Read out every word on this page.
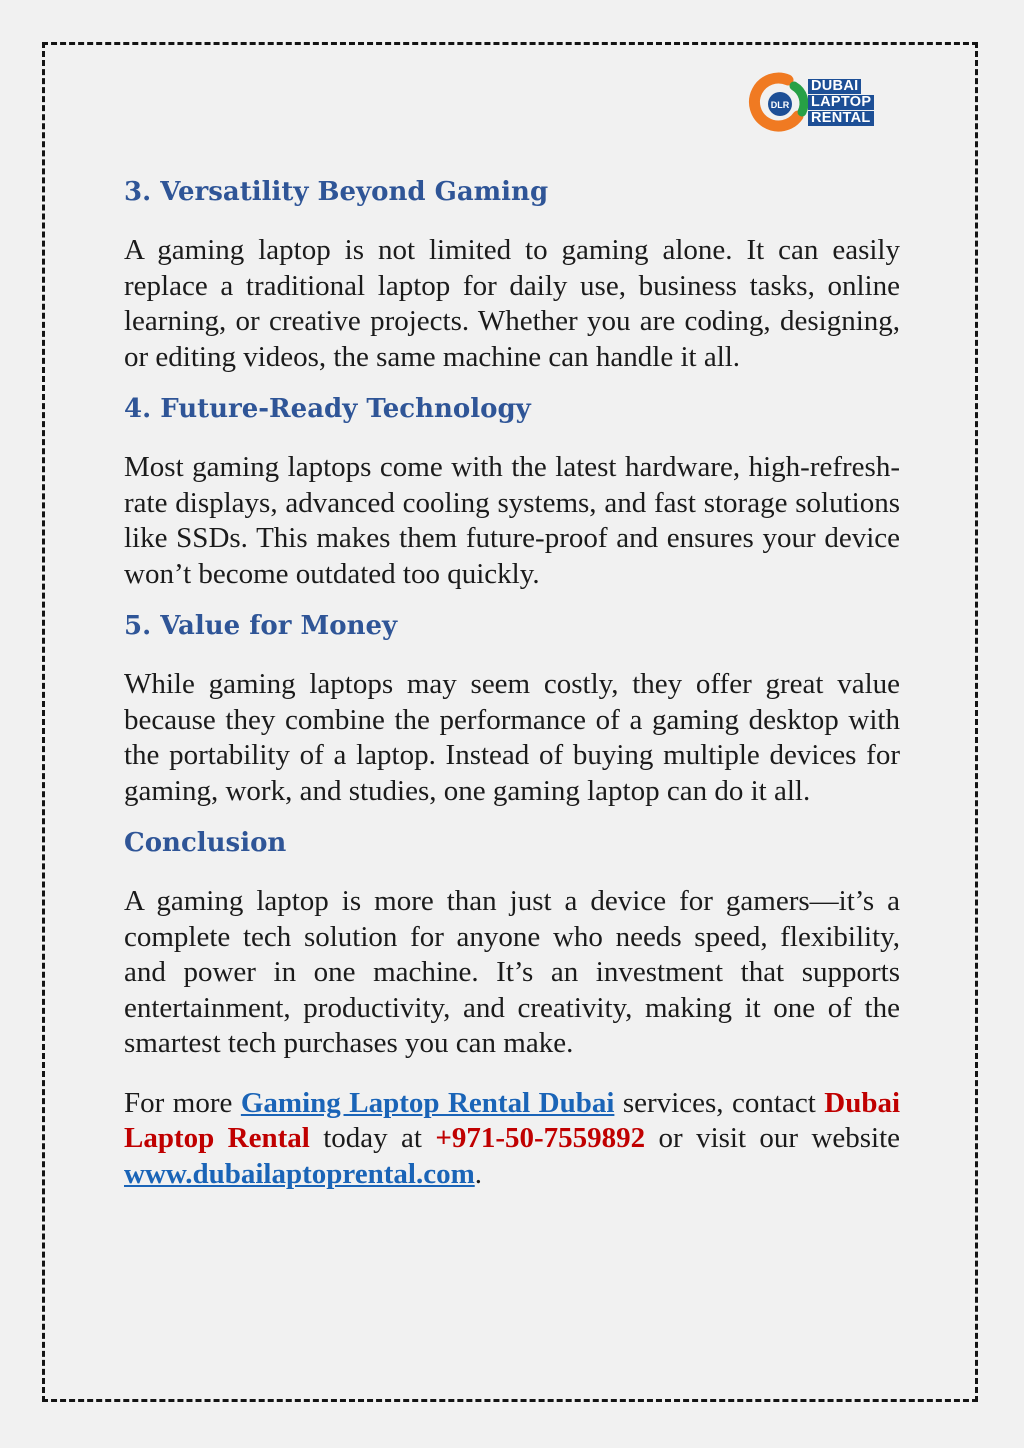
DLR
DUBAI
LAPTOP
RENTAL
3. Versatility Beyond Gaming

A gaming laptop is not limited to gaming alone. It can easily replace a traditional laptop for daily use, business tasks, online learning, or creative projects. Whether you are coding, designing, or editing videos, the same machine can handle it all.

4. Future-Ready Technology

Most gaming laptops come with the latest hardware, high-refresh-rate displays, advanced cooling systems, and fast storage solutions like SSDs. This makes them future-proof and ensures your device won’t become outdated too quickly.

5. Value for Money

While gaming laptops may seem costly, they offer great value because they combine the performance of a gaming desktop with the portability of a laptop. Instead of buying multiple devices for gaming, work, and studies, one gaming laptop can do it all.

Conclusion

A gaming laptop is more than just a device for gamers—it’s a complete tech solution for anyone who needs speed, flexibility, and power in one machine. It’s an investment that supports entertainment, productivity, and creativity, making it one of the smartest tech purchases you can make.

For more Gaming Laptop Rental Dubai services, contact Dubai Laptop Rental today at +971-50-7559892 or visit our website www.dubailaptoprental.com.
